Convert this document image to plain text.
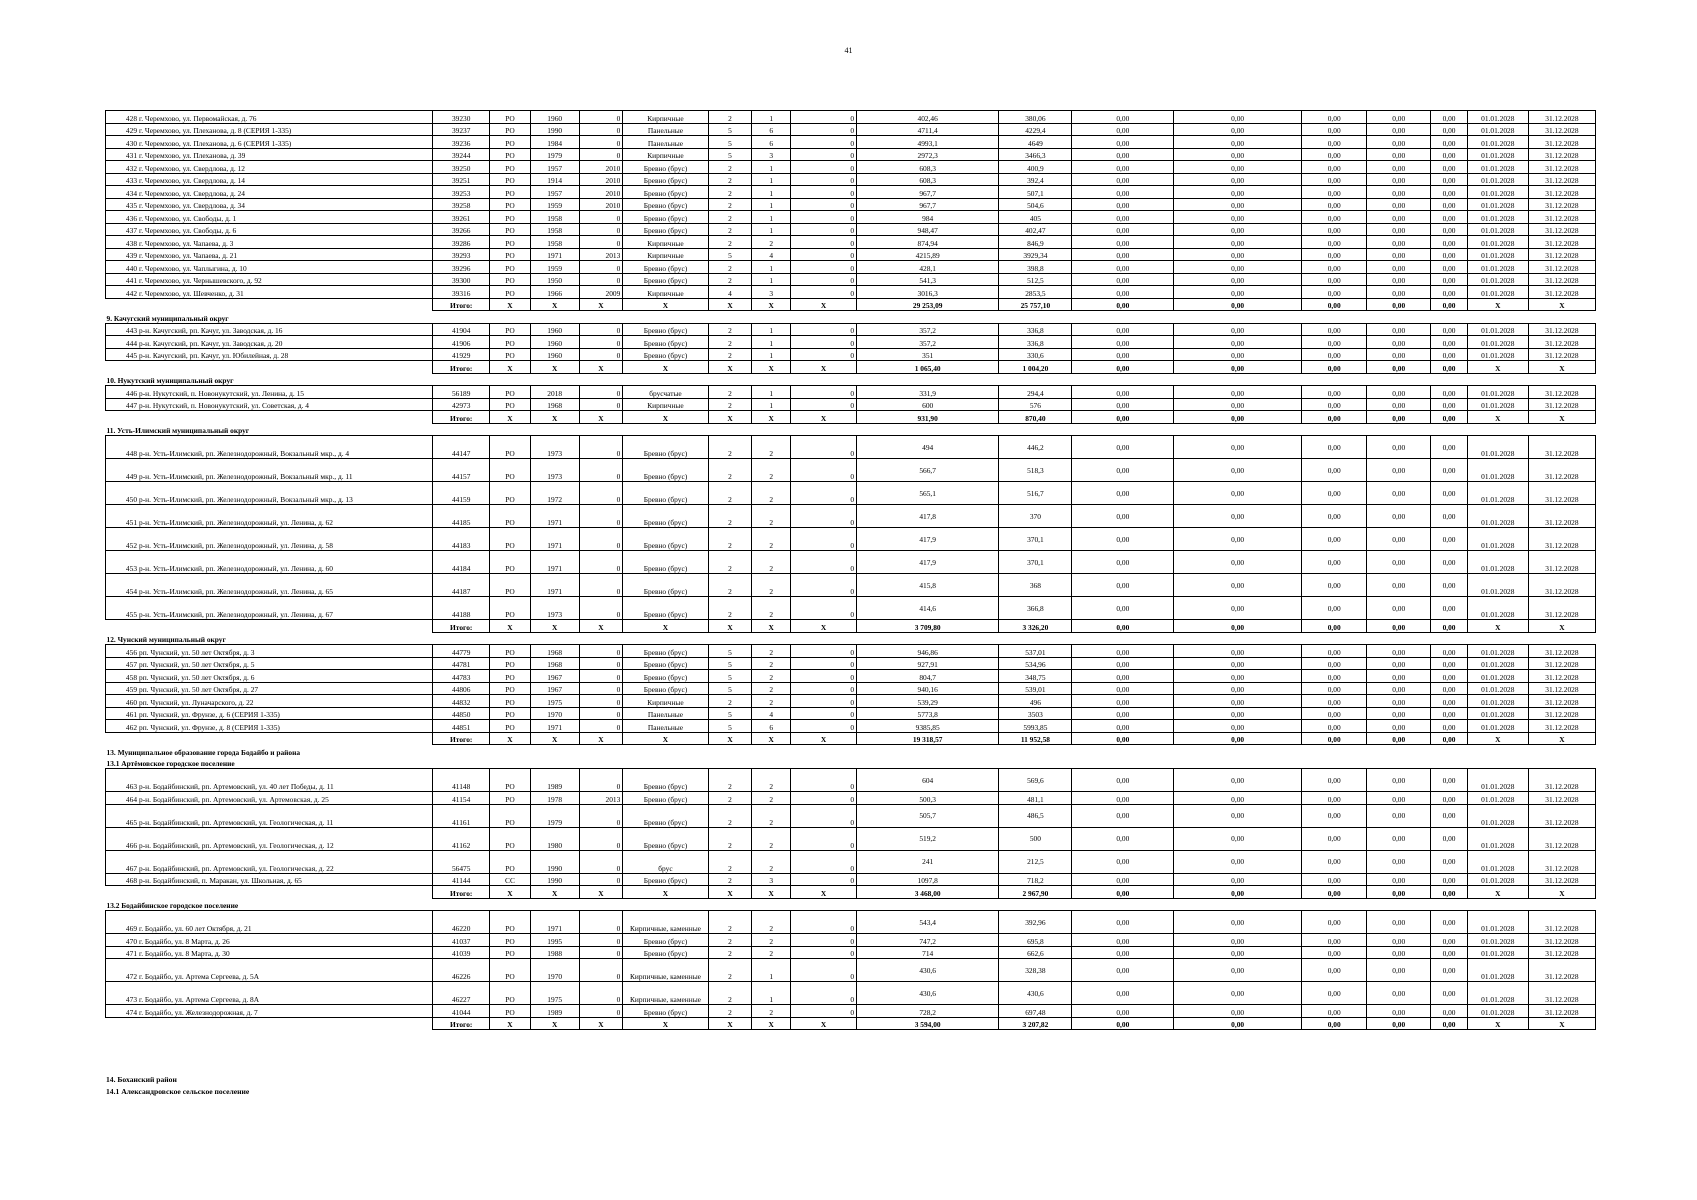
41
428	г. Черемхово, ул. Первомайская, д. 76	39230	РО	1960	0	Кирпичные	2	1	0	402,46	380,06	0,00	0,00	0,00	0,00	0,00	01.01.2028	31.12.2028
429	г. Черемхово, ул. Плеханова, д. 8 (СЕРИЯ 1-335)	39237	РО	1990	0	Панельные	5	6	0	4711,4	4229,4	0,00	0,00	0,00	0,00	0,00	01.01.2028	31.12.2028
430	г. Черемхово, ул. Плеханова, д. 6 (СЕРИЯ 1-335)	39236	РО	1984	0	Панельные	5	6	0	4993,1	4649	0,00	0,00	0,00	0,00	0,00	01.01.2028	31.12.2028
431	г. Черемхово, ул. Плеханова, д. 39	39244	РО	1979	0	Кирпичные	5	3	0	2972,3	3466,3	0,00	0,00	0,00	0,00	0,00	01.01.2028	31.12.2028
432	г. Черемхово, ул. Свердлова, д. 12	39250	РО	1957	2010	Бревно (брус)	2	1	0	608,3	400,9	0,00	0,00	0,00	0,00	0,00	01.01.2028	31.12.2028
433	г. Черемхово, ул. Свердлова, д. 14	39251	РО	1914	2010	Бревно (брус)	2	1	0	608,3	392,4	0,00	0,00	0,00	0,00	0,00	01.01.2028	31.12.2028
434	г. Черемхово, ул. Свердлова, д. 24	39253	РО	1957	2010	Бревно (брус)	2	1	0	967,7	507,1	0,00	0,00	0,00	0,00	0,00	01.01.2028	31.12.2028
435	г. Черемхово, ул. Свердлова, д. 34	39258	РО	1959	2010	Бревно (брус)	2	1	0	967,7	504,6	0,00	0,00	0,00	0,00	0,00	01.01.2028	31.12.2028
436	г. Черемхово, ул. Свободы, д. 1	39261	РО	1958	0	Бревно (брус)	2	1	0	984	405	0,00	0,00	0,00	0,00	0,00	01.01.2028	31.12.2028
437	г. Черемхово, ул. Свободы, д. 6	39266	РО	1958	0	Бревно (брус)	2	1	0	948,47	402,47	0,00	0,00	0,00	0,00	0,00	01.01.2028	31.12.2028
438	г. Черемхово, ул. Чапаева, д. 3	39286	РО	1958	0	Кирпичные	2	2	0	874,94	846,9	0,00	0,00	0,00	0,00	0,00	01.01.2028	31.12.2028
439	г. Черемхово, ул. Чапаева, д. 21	39293	РО	1971	2013	Кирпичные	5	4	0	4215,89	3929,34	0,00	0,00	0,00	0,00	0,00	01.01.2028	31.12.2028
440	г. Черемхово, ул. Чаплыгина, д. 10	39296	РО	1959	0	Бревно (брус)	2	1	0	428,1	398,8	0,00	0,00	0,00	0,00	0,00	01.01.2028	31.12.2028
441	г. Черемхово, ул. Чернышевского, д. 92	39300	РО	1950	0	Бревно (брус)	2	1	0	541,3	512,5	0,00	0,00	0,00	0,00	0,00	01.01.2028	31.12.2028
442	г. Черемхово, ул. Шевченко, д. 31	39316	РО	1966	2009	Кирпичные	4	3	0	3016,3	2853,5	0,00	0,00	0,00	0,00	0,00	01.01.2028	31.12.2028
		Итого:	X	X	X	X	X	X	X	29 253,09	25 757,10	0,00	0,00	0,00	0,00	0,00	X	X
9. Качугский муниципальный округ																		
443	р-н. Качугский, рп. Качуг, ул. Заводская, д. 16	41904	РО	1960	0	Бревно (брус)	2	1	0	357,2	336,8	0,00	0,00	0,00	0,00	0,00	01.01.2028	31.12.2028
444	р-н. Качугский, рп. Качуг, ул. Заводская, д. 20	41906	РО	1960	0	Бревно (брус)	2	1	0	357,2	336,8	0,00	0,00	0,00	0,00	0,00	01.01.2028	31.12.2028
445	р-н. Качугский, рп. Качуг, ул. Юбилейная, д. 28	41929	РО	1960	0	Бревно (брус)	2	1	0	351	330,6	0,00	0,00	0,00	0,00	0,00	01.01.2028	31.12.2028
		Итого:	X	X	X	X	X	X	X	1 065,40	1 004,20	0,00	0,00	0,00	0,00	0,00	X	X
10. Нукутский муниципальный округ																		
446	р-н. Нукутский, п. Новонукутский, ул. Ленина, д. 15	56189	РО	2018	0	брусчатые	2	1	0	331,9	294,4	0,00	0,00	0,00	0,00	0,00	01.01.2028	31.12.2028
447	р-н. Нукутский, п. Новонукутский, ул. Советская, д. 4	42973	РО	1968	0	Кирпичные	2	1	0	600	576	0,00	0,00	0,00	0,00	0,00	01.01.2028	31.12.2028
		Итого:	X	X	X	X	X	X	X	931,90	870,40	0,00	0,00	0,00	0,00	0,00	X	X
11. Усть-Илимский муниципальный округ																		
448	р-н. Усть-Илимский, рп. Железнодорожный, Вокзальный мкр., д. 4	44147	РО	1973	0	Бревно (брус)	2	2	0	494	446,2	0,00	0,00	0,00	0,00	0,00	01.01.2028	31.12.2028
449	р-н. Усть-Илимский, рп. Железнодорожный, Вокзальный мкр., д. 11	44157	РО	1973	0	Бревно (брус)	2	2	0	566,7	518,3	0,00	0,00	0,00	0,00	0,00	01.01.2028	31.12.2028
450	р-н. Усть-Илимский, рп. Железнодорожный, Вокзальный мкр., д. 13	44159	РО	1972	0	Бревно (брус)	2	2	0	565,1	516,7	0,00	0,00	0,00	0,00	0,00	01.01.2028	31.12.2028
451	р-н. Усть-Илимский, рп. Железнодорожный, ул. Ленина, д. 62	44185	РО	1971	0	Бревно (брус)	2	2	0	417,8	370	0,00	0,00	0,00	0,00	0,00	01.01.2028	31.12.2028
452	р-н. Усть-Илимский, рп. Железнодорожный, ул. Ленина, д. 58	44183	РО	1971	0	Бревно (брус)	2	2	0	417,9	370,1	0,00	0,00	0,00	0,00	0,00	01.01.2028	31.12.2028
453	р-н. Усть-Илимский, рп. Железнодорожный, ул. Ленина, д. 60	44184	РО	1971	0	Бревно (брус)	2	2	0	417,9	370,1	0,00	0,00	0,00	0,00	0,00	01.01.2028	31.12.2028
454	р-н. Усть-Илимский, рп. Железнодорожный, ул. Ленина, д. 65	44187	РО	1971	0	Бревно (брус)	2	2	0	415,8	368	0,00	0,00	0,00	0,00	0,00	01.01.2028	31.12.2028
455	р-н. Усть-Илимский, рп. Железнодорожный, ул. Ленина, д. 67	44188	РО	1973	0	Бревно (брус)	2	2	0	414,6	366,8	0,00	0,00	0,00	0,00	0,00	01.01.2028	31.12.2028
		Итого:	X	X	X	X	X	X	X	3 709,80	3 326,20	0,00	0,00	0,00	0,00	0,00	X	X
12. Чунский муниципальный округ																		
456	рп. Чунский, ул. 50 лет Октября, д. 3	44779	РО	1968	0	Бревно (брус)	5	2	0	946,86	537,01	0,00	0,00	0,00	0,00	0,00	01.01.2028	31.12.2028
457	рп. Чунский, ул. 50 лет Октября, д. 5	44781	РО	1968	0	Бревно (брус)	5	2	0	927,91	534,96	0,00	0,00	0,00	0,00	0,00	01.01.2028	31.12.2028
458	рп. Чунский, ул. 50 лет Октября, д. 6	44783	РО	1967	0	Бревно (брус)	5	2	0	804,7	348,75	0,00	0,00	0,00	0,00	0,00	01.01.2028	31.12.2028
459	рп. Чунский, ул. 50 лет Октября, д. 27	44806	РО	1967	0	Бревно (брус)	5	2	0	940,16	539,01	0,00	0,00	0,00	0,00	0,00	01.01.2028	31.12.2028
460	рп. Чунский, ул. Луначарского, д. 22	44832	РО	1975	0	Кирпичные	2	2	0	539,29	496	0,00	0,00	0,00	0,00	0,00	01.01.2028	31.12.2028
461	рп. Чунский, ул. Фрунзе, д. 6 (СЕРИЯ 1-335)	44850	РО	1970	0	Панельные	5	4	0	5773,8	3503	0,00	0,00	0,00	0,00	0,00	01.01.2028	31.12.2028
462	рп. Чунский, ул. Фрунзе, д. 8 (СЕРИЯ 1-335)	44851	РО	1971	0	Панельные	5	6	0	9385,85	5993,85	0,00	0,00	0,00	0,00	0,00	01.01.2028	31.12.2028
		Итого:	X	X	X	X	X	X	X	19 318,57	11 952,58	0,00	0,00	0,00	0,00	0,00	X	X
13. Муниципальное образование города Бодайбо и района																		
13.1 Артёмовское городское поселение																		
463	р-н. Бодайбинский, рп. Артемовский, ул. 40 лет Победы, д. 11	41148	РО	1989	0	Бревно (брус)	2	2	0	604	569,6	0,00	0,00	0,00	0,00	0,00	01.01.2028	31.12.2028
464	р-н. Бодайбинский, рп. Артемовский, ул. Артемовская, д. 25	41154	РО	1978	2013	Бревно (брус)	2	2	0	500,3	481,1	0,00	0,00	0,00	0,00	0,00	01.01.2028	31.12.2028
465	р-н. Бодайбинский, рп. Артемовский, ул. Геологическая, д. 11	41161	РО	1979	0	Бревно (брус)	2	2	0	505,7	486,5	0,00	0,00	0,00	0,00	0,00	01.01.2028	31.12.2028
466	р-н. Бодайбинский, рп. Артемовский, ул. Геологическая, д. 12	41162	РО	1980	0	Бревно (брус)	2	2	0	519,2	500	0,00	0,00	0,00	0,00	0,00	01.01.2028	31.12.2028
467	р-н. Бодайбинский, рп. Артемовский, ул. Геологическая, д. 22	56475	РО	1990	0	брус	2	2	0	241	212,5	0,00	0,00	0,00	0,00	0,00	01.01.2028	31.12.2028
468	р-н. Бодайбинский, п. Маракан, ул. Школьная, д. 65	41144	СС	1990	0	Бревно (брус)	2	3	0	1097,8	718,2	0,00	0,00	0,00	0,00	0,00	01.01.2028	31.12.2028
		Итого:	X	X	X	X	X	X	X	3 468,00	2 967,90	0,00	0,00	0,00	0,00	0,00	X	X
13.2 Бодайбинское городское поселение																		
469	г. Бодайбо, ул. 60 лет Октября, д. 21	46220	РО	1971	0	Кирпичные, каменные	2	2	0	543,4	392,96	0,00	0,00	0,00	0,00	0,00	01.01.2028	31.12.2028
470	г. Бодайбо, ул. 8 Марта, д. 26	41037	РО	1995	0	Бревно (брус)	2	2	0	747,2	695,8	0,00	0,00	0,00	0,00	0,00	01.01.2028	31.12.2028
471	г. Бодайбо, ул. 8 Марта, д. 30	41039	РО	1988	0	Бревно (брус)	2	2	0	714	662,6	0,00	0,00	0,00	0,00	0,00	01.01.2028	31.12.2028
472	г. Бодайбо, ул. Артема Сергеева, д. 5А	46226	РО	1970	0	Кирпичные, каменные	2	1	0	430,6	328,38	0,00	0,00	0,00	0,00	0,00	01.01.2028	31.12.2028
473	г. Бодайбо, ул. Артема Сергеева, д. 8А	46227	РО	1975	0	Кирпичные, каменные	2	1	0	430,6	430,6	0,00	0,00	0,00	0,00	0,00	01.01.2028	31.12.2028
474	г. Бодайбо, ул. Железнодорожная, д. 7	41044	РО	1989	0	Бревно (брус)	2	2	0	728,2	697,48	0,00	0,00	0,00	0,00	0,00	01.01.2028	31.12.2028
		Итого:	X	X	X	X	X	X	X	3 594,00	3 207,82	0,00	0,00	0,00	0,00	0,00	X	X
14. Боханский район
14.1 Александровское сельское поселение
